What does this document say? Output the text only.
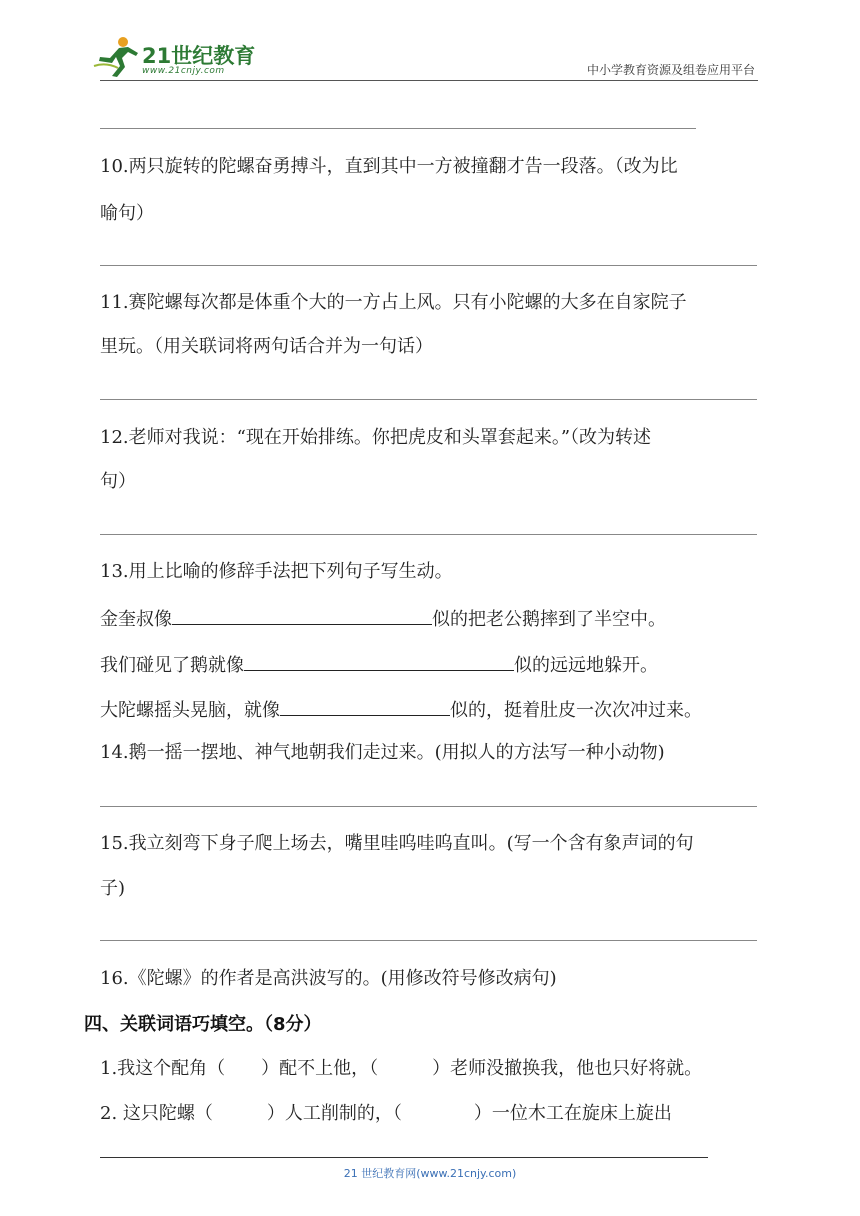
21世纪教育
www.21cnjy.com	中小学教育资源及组卷应用平台
10.两只旋转的陀螺奋勇搏斗，直到其中一方被撞翻才告一段落。（改为比
喻句）
11.赛陀螺每次都是体重个大的一方占上风。只有小陀螺的大多在自家院子
里玩。（用关联词将两句话合并为一句话）
12.老师对我说：“现在开始排练。你把虎皮和头罩套起来。”（改为转述
句）
13.用上比喻的修辞手法把下列句子写生动。
金奎叔像	似的把老公鹅摔到了半空中。
我们碰见了鹅就像	似的远远地躲开。
大陀螺摇头晃脑，就像	似的，挺着肚皮一次次冲过来。
14.鹅一摇一摆地、神气地朝我们走过来。(用拟人的方法写一种小动物)
15.我立刻弯下身子爬上场去，嘴里哇呜哇呜直叫。(写一个含有象声词的句
子)
16.《陀螺》的作者是高洪波写的。(用修改符号修改病句)
四、关联词语巧填空。（8分）
1.我这个配角（　　）配不上他，（　　　）老师没撤换我，他也只好将就。
2. 这只陀螺（　　　）人工削制的，（　　　　）一位木工在旋床上旋出
21 世纪教育网(www.21cnjy.com)
